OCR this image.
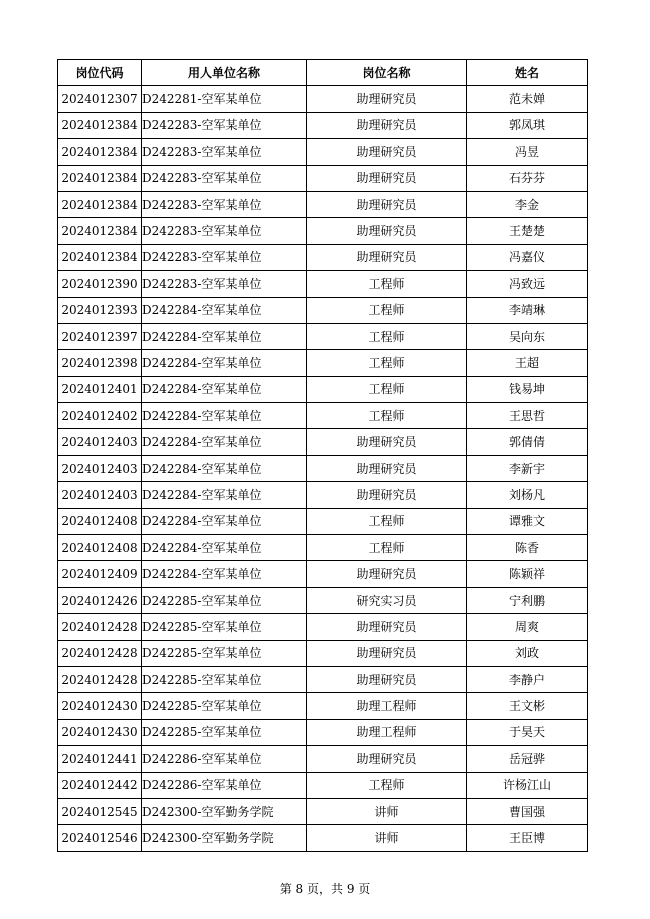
岗位代码	用人单位名称	岗位名称	姓名
2024012307	D242281-空军某单位	助理研究员	范未婵
2024012384	D242283-空军某单位	助理研究员	郭凤琪
2024012384	D242283-空军某单位	助理研究员	冯昱
2024012384	D242283-空军某单位	助理研究员	石芬芬
2024012384	D242283-空军某单位	助理研究员	李金
2024012384	D242283-空军某单位	助理研究员	王楚楚
2024012384	D242283-空军某单位	助理研究员	冯嘉仪
2024012390	D242283-空军某单位	工程师	冯致远
2024012393	D242284-空军某单位	工程师	李靖琳
2024012397	D242284-空军某单位	工程师	吴向东
2024012398	D242284-空军某单位	工程师	王超
2024012401	D242284-空军某单位	工程师	钱易坤
2024012402	D242284-空军某单位	工程师	王思哲
2024012403	D242284-空军某单位	助理研究员	郭倩倩
2024012403	D242284-空军某单位	助理研究员	李新宇
2024012403	D242284-空军某单位	助理研究员	刘杨凡
2024012408	D242284-空军某单位	工程师	谭雅文
2024012408	D242284-空军某单位	工程师	陈香
2024012409	D242284-空军某单位	助理研究员	陈颖祥
2024012426	D242285-空军某单位	研究实习员	宁利鹏
2024012428	D242285-空军某单位	助理研究员	周爽
2024012428	D242285-空军某单位	助理研究员	刘政
2024012428	D242285-空军某单位	助理研究员	李静户
2024012430	D242285-空军某单位	助理工程师	王文彬
2024012430	D242285-空军某单位	助理工程师	于昊天
2024012441	D242286-空军某单位	助理研究员	岳冠骅
2024012442	D242286-空军某单位	工程师	许杨江山
2024012545	D242300-空军勤务学院	讲师	曹国强
2024012546	D242300-空军勤务学院	讲师	王臣博
第 8 页，共 9 页
